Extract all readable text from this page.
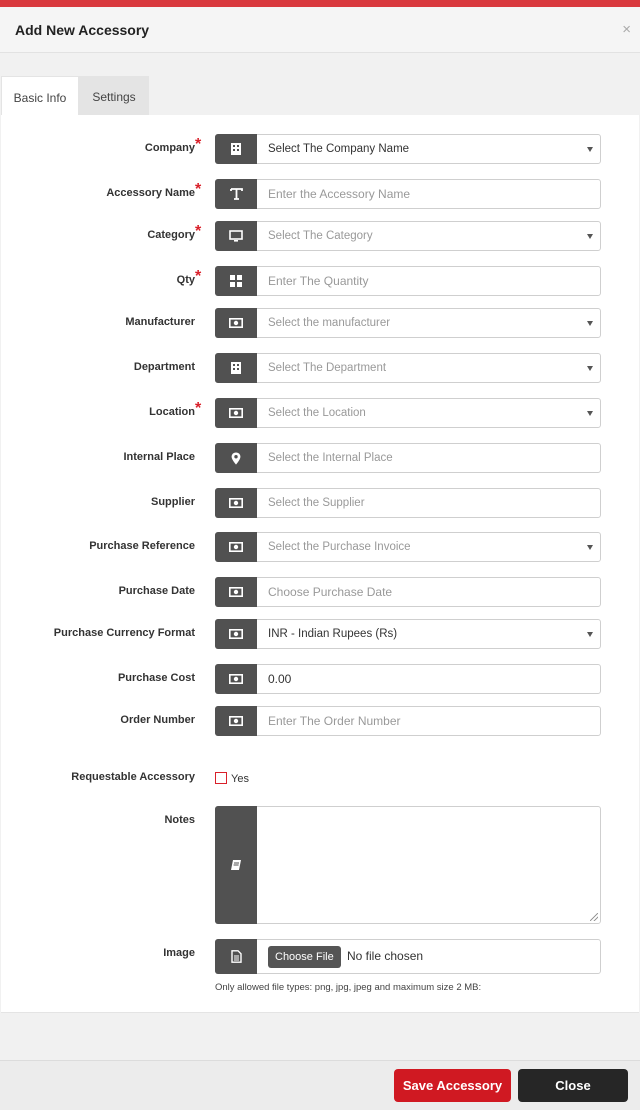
Add New Accessory	×
Basic Info	Settings
Company *	Select The Company Name
Accessory Name *	Enter the Accessory Name
Category *	Select The Category
Qty *	Enter The Quantity
Manufacturer	Select the manufacturer
Department	Select The Department
Location *	Select the Location
Internal Place	Select the Internal Place
Supplier	Select the Supplier
Purchase Reference	Select the Purchase Invoice
Purchase Date	Choose Purchase Date
Purchase Currency Format	INR - Indian Rupees (Rs)
Purchase Cost	0.00
Order Number	Enter The Order Number
Requestable Accessory	Yes
Notes
Image	Choose File	No file chosen
Only allowed file types: png, jpg, jpeg and maximum size 2 MB:
Save Accessory	Close
